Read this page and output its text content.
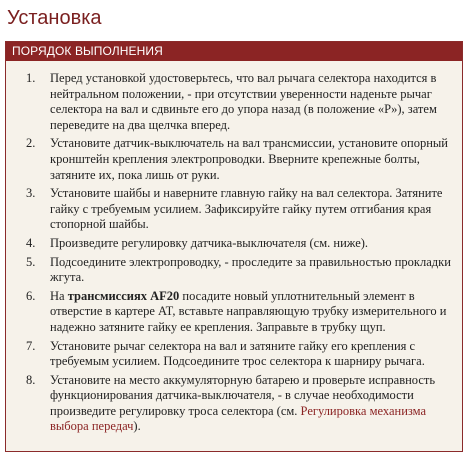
Установка
ПОРЯДОК ВЫПОЛНЕНИЯ
1. Перед установкой удостоверьтесь, что вал рычага селектора находится в нейтральном положении, - при отсутствии уверенности наденьте рычаг селектора на вал и сдвиньте его до упора назад (в положение «P»), затем переведите на два щелчка вперед.
2. Установите датчик-выключатель на вал трансмиссии, установите опорный кронштейн крепления электропроводки. Вверните крепежные болты, затяните их, пока лишь от руки.
3. Установите шайбы и наверните главную гайку на вал селектора. Затяните гайку с требуемым усилием. Зафиксируйте гайку путем отгибания края стопорной шайбы.
4. Произведите регулировку датчика-выключателя (см. ниже).
5. Подсоедините электропроводку, - проследите за правильностью прокладки жгута.
6. На трансмиссиях AF20 посадите новый уплотнительный элемент в отверстие в картере AT, вставьте направляющую трубку измерительного и надежно затяните гайку ее крепления. Заправьте в трубку щуп.
7. Установите рычаг селектора на вал и затяните гайку его крепления с требуемым усилием. Подсоедините трос селектора к шарниру рычага.
8. Установите на место аккумуляторную батарею и проверьте исправность функционирования датчика-выключателя, - в случае необходимости произведите регулировку троса селектора (см. Регулировка механизма выбора передач).
